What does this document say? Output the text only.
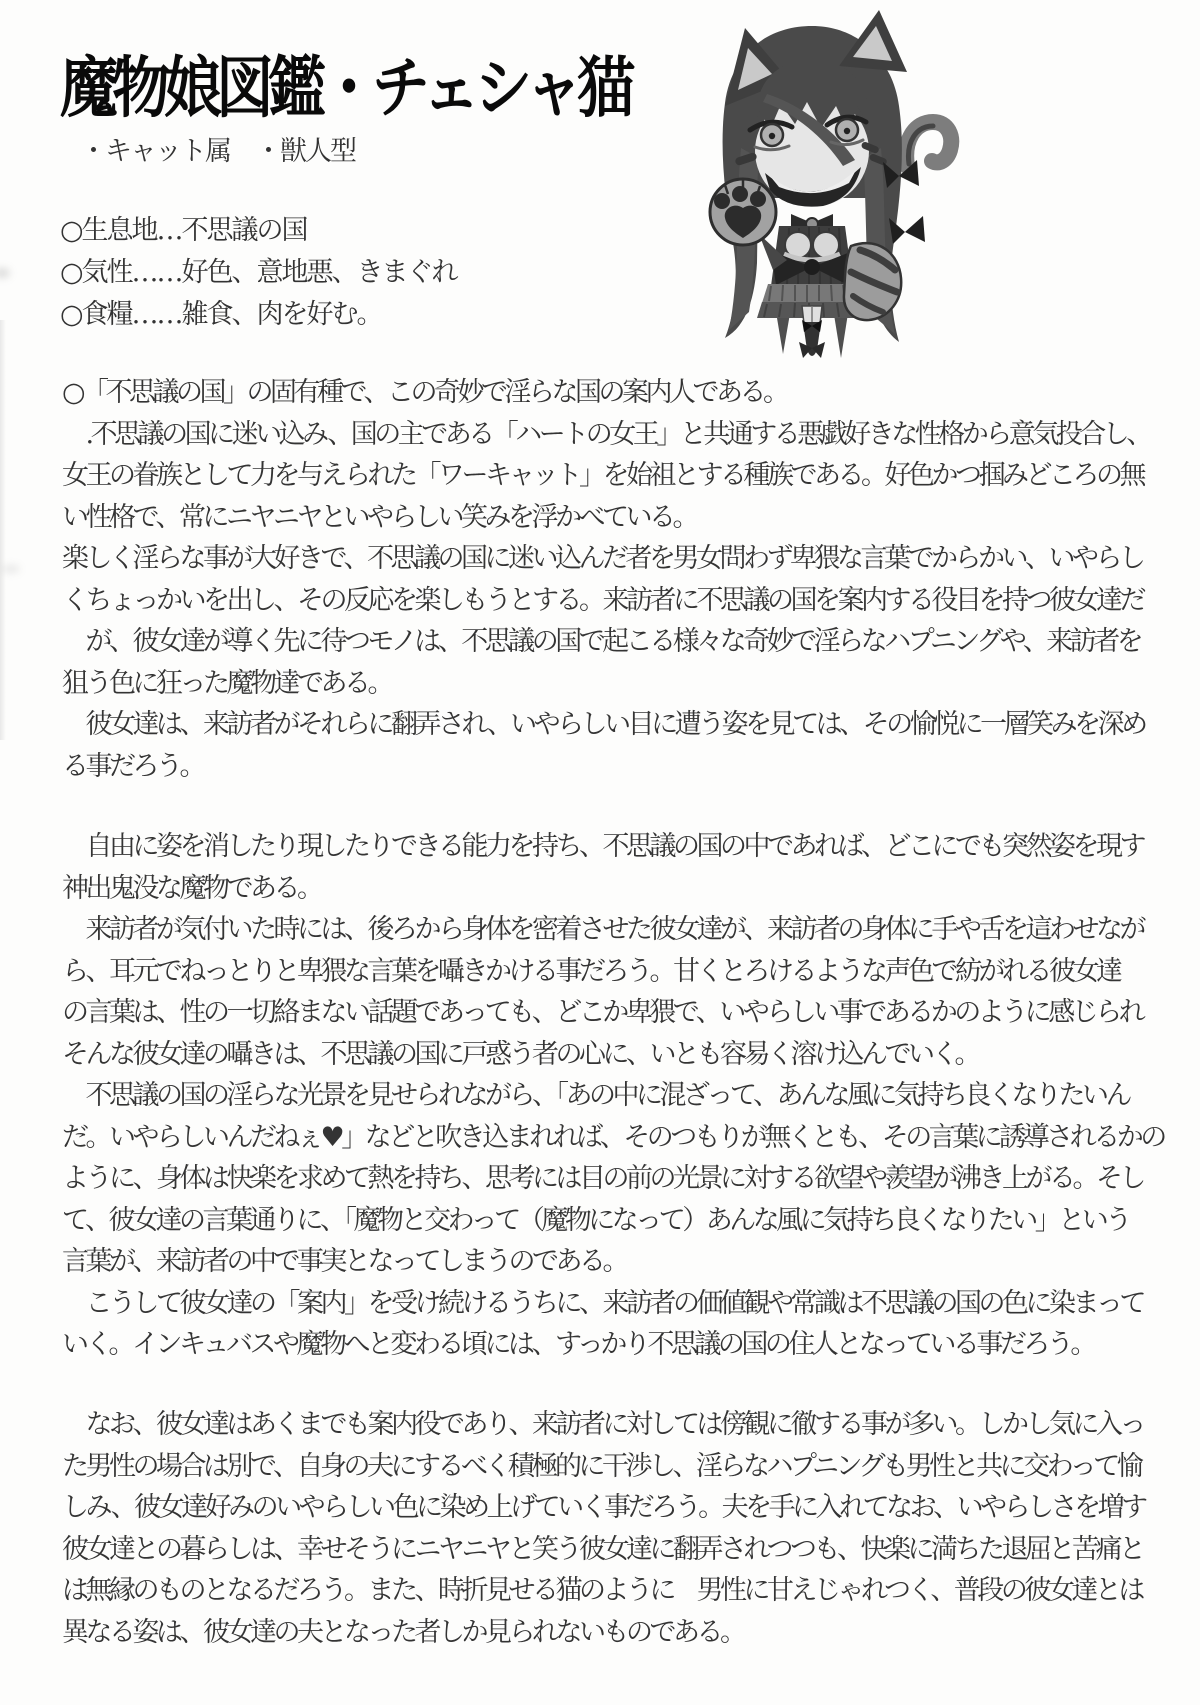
魔物娘図鑑・チェシャ猫
・キャット属　・獣人型
○生息地…不思議の国
○気性……好色、意地悪、きまぐれ
○食糧……雑食、肉を好む。
○「不思議の国」の固有種で、この奇妙で淫らな国の案内人である。
　.不思議の国に迷い込み、国の主である「ハートの女王」と共通する悪戯好きな性格から意気投合し、
女王の眷族として力を与えられた「ワーキャット」を始祖とする種族である。好色かつ掴みどころの無
い性格で、常にニヤニヤといやらしい笑みを浮かべている。
楽しく淫らな事が大好きで、不思議の国に迷い込んだ者を男女問わず卑猥な言葉でからかい、いやらし
くちょっかいを出し、その反応を楽しもうとする。来訪者に不思議の国を案内する役目を持つ彼女達だ
　が、彼女達が導く先に待つモノは、不思議の国で起こる様々な奇妙で淫らなハプニングや、来訪者を
狙う色に狂った魔物達である。
　彼女達は、来訪者がそれらに翻弄され、いやらしい目に遭う姿を見ては、その愉悦に一層笑みを深め
る事だろう。
　自由に姿を消したり現したりできる能力を持ち、不思議の国の中であれば、どこにでも突然姿を現す
神出鬼没な魔物である。
　来訪者が気付いた時には、後ろから身体を密着させた彼女達が、来訪者の身体に手や舌を這わせなが
ら、耳元でねっとりと卑猥な言葉を囁きかける事だろう。甘くとろけるような声色で紡がれる彼女達
の言葉は、性の一切絡まない話題であっても、どこか卑猥で、いやらしい事であるかのように感じられ
そんな彼女達の囁きは、不思議の国に戸惑う者の心に、いとも容易く溶け込んでいく。
　不思議の国の淫らな光景を見せられながら、「あの中に混ざって、あんな風に気持ち良くなりたいん
だ。いやらしいんだねぇ♥」などと吹き込まれれば、そのつもりが無くとも、その言葉に誘導されるかの
ように、身体は快楽を求めて熱を持ち、思考には目の前の光景に対する欲望や羨望が沸き上がる。そし
て、彼女達の言葉通りに、「魔物と交わって（魔物になって）あんな風に気持ち良くなりたい」という
言葉が、来訪者の中で事実となってしまうのである。
　こうして彼女達の「案内」を受け続けるうちに、来訪者の価値観や常識は不思議の国の色に染まって
いく。インキュバスや魔物へと変わる頃には、すっかり不思議の国の住人となっている事だろう。
　なお、彼女達はあくまでも案内役であり、来訪者に対しては傍観に徹する事が多い。しかし気に入っ
た男性の場合は別で、自身の夫にするべく積極的に干渉し、淫らなハプニングも男性と共に交わって愉
しみ、彼女達好みのいやらしい色に染め上げていく事だろう。夫を手に入れてなお、いやらしさを増す
彼女達との暮らしは、幸せそうにニヤニヤと笑う彼女達に翻弄されつつも、快楽に満ちた退屈と苦痛と
は無縁のものとなるだろう。また、時折見せる猫のように　男性に甘えじゃれつく、普段の彼女達とは
異なる姿は、彼女達の夫となった者しか見られないものである。
